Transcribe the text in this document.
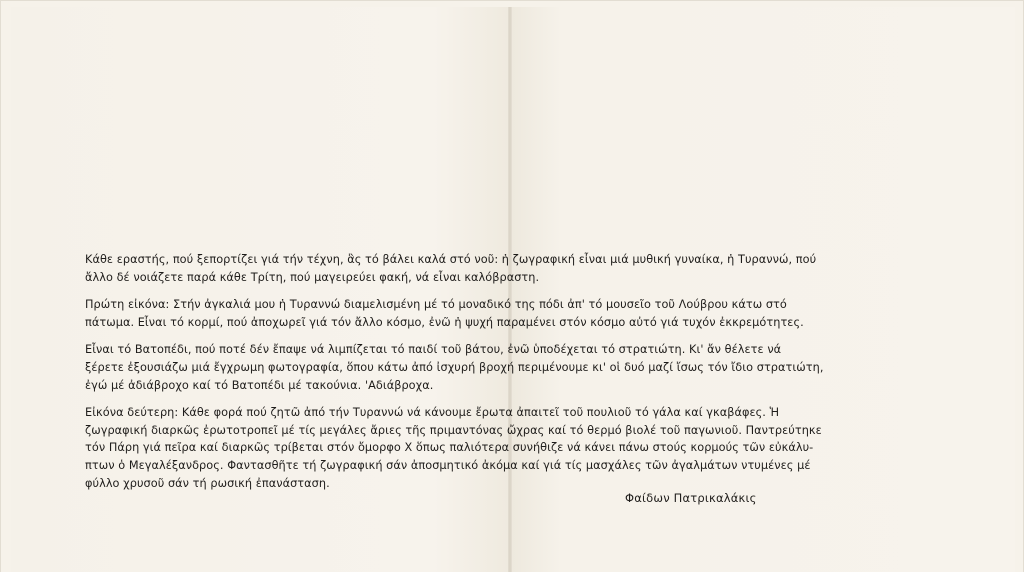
Κάθε εραστής, πού ξεπορτίζει γιά τήν τέχνη, ἂς τό βάλει καλά στό νοῦ: ἡ ζωγραφική εἶναι μιά μυθική γυναίκα, ἡ Τυραννώ, πού
ἄλλο δέ νοιάζετε παρά κάθε Τρίτη, πού μαγειρεύει φακή, νά εἶναι καλόβραστη.

Πρώτη εἰκόνα: Στήν ἀγκαλιά μου ἡ Τυραννώ διαμελισμένη μέ τό μοναδικό της πόδι ἀπ' τό μουσεῖο τοῦ Λούβρου κάτω στό
πάτωμα. Εἶναι τό κορμί, πού ἀποχωρεῖ γιά τόν ἄλλο κόσμο, ἐνῶ ἡ ψυχή παραμένει στόν κόσμο αὐτό γιά τυχόν ἐκκρεμότητες.

Εἶναι τό Βατοπέδι, πού ποτέ δέν ἔπαψε νά λιμπίζεται τό παιδί τοῦ βάτου, ἐνῶ ὑποδέχεται τό στρατιώτη. Κι' ἄν θέλετε νά
ξέρετε ἐξουσιάζω μιά ἔγχρωμη φωτογραφία, ὅπου κάτω ἀπό ἰσχυρή βροχή περιμένουμε κι' οἱ δυό μαζί ἴσως τόν ἴδιο στρατιώτη,
ἐγώ μέ ἀδιάβροχο καί τό Βατοπέδι μέ τακούνια. 'Αδιάβροχα.

Εἰκόνα δεύτερη: Κάθε φορά πού ζητῶ ἀπό τήν Τυραννώ νά κάνουμε ἔρωτα ἀπαιτεῖ τοῦ πουλιοῦ τό γάλα καί γκαβάφες. Ἡ
ζωγραφική διαρκῶς ἐρωτοτροπεῖ μέ τίς μεγάλες ἄριες τῆς πριμαντόνας ὤχρας καί τό θερμό βιολέ τοῦ παγωνιοῦ. Παντρεύτηκε
τόν Πάρη γιά πεῖρα καί διαρκῶς τρίβεται στόν ὄμορφο Χ ὅπως παλιότερα συνήθιζε νά κάνει πάνω στούς κορμούς τῶν εὐκάλυ-
πτων ὁ Μεγαλέξανδρος. Φαντασθῆτε τή ζωγραφική σάν ἀποσμητικό ἀκόμα καί γιά τίς μασχάλες τῶν ἀγαλμάτων ντυμένες μέ
φύλλο χρυσοῦ σάν τή ρωσική ἐπανάσταση.

Φαίδων Πατρικαλάκις
